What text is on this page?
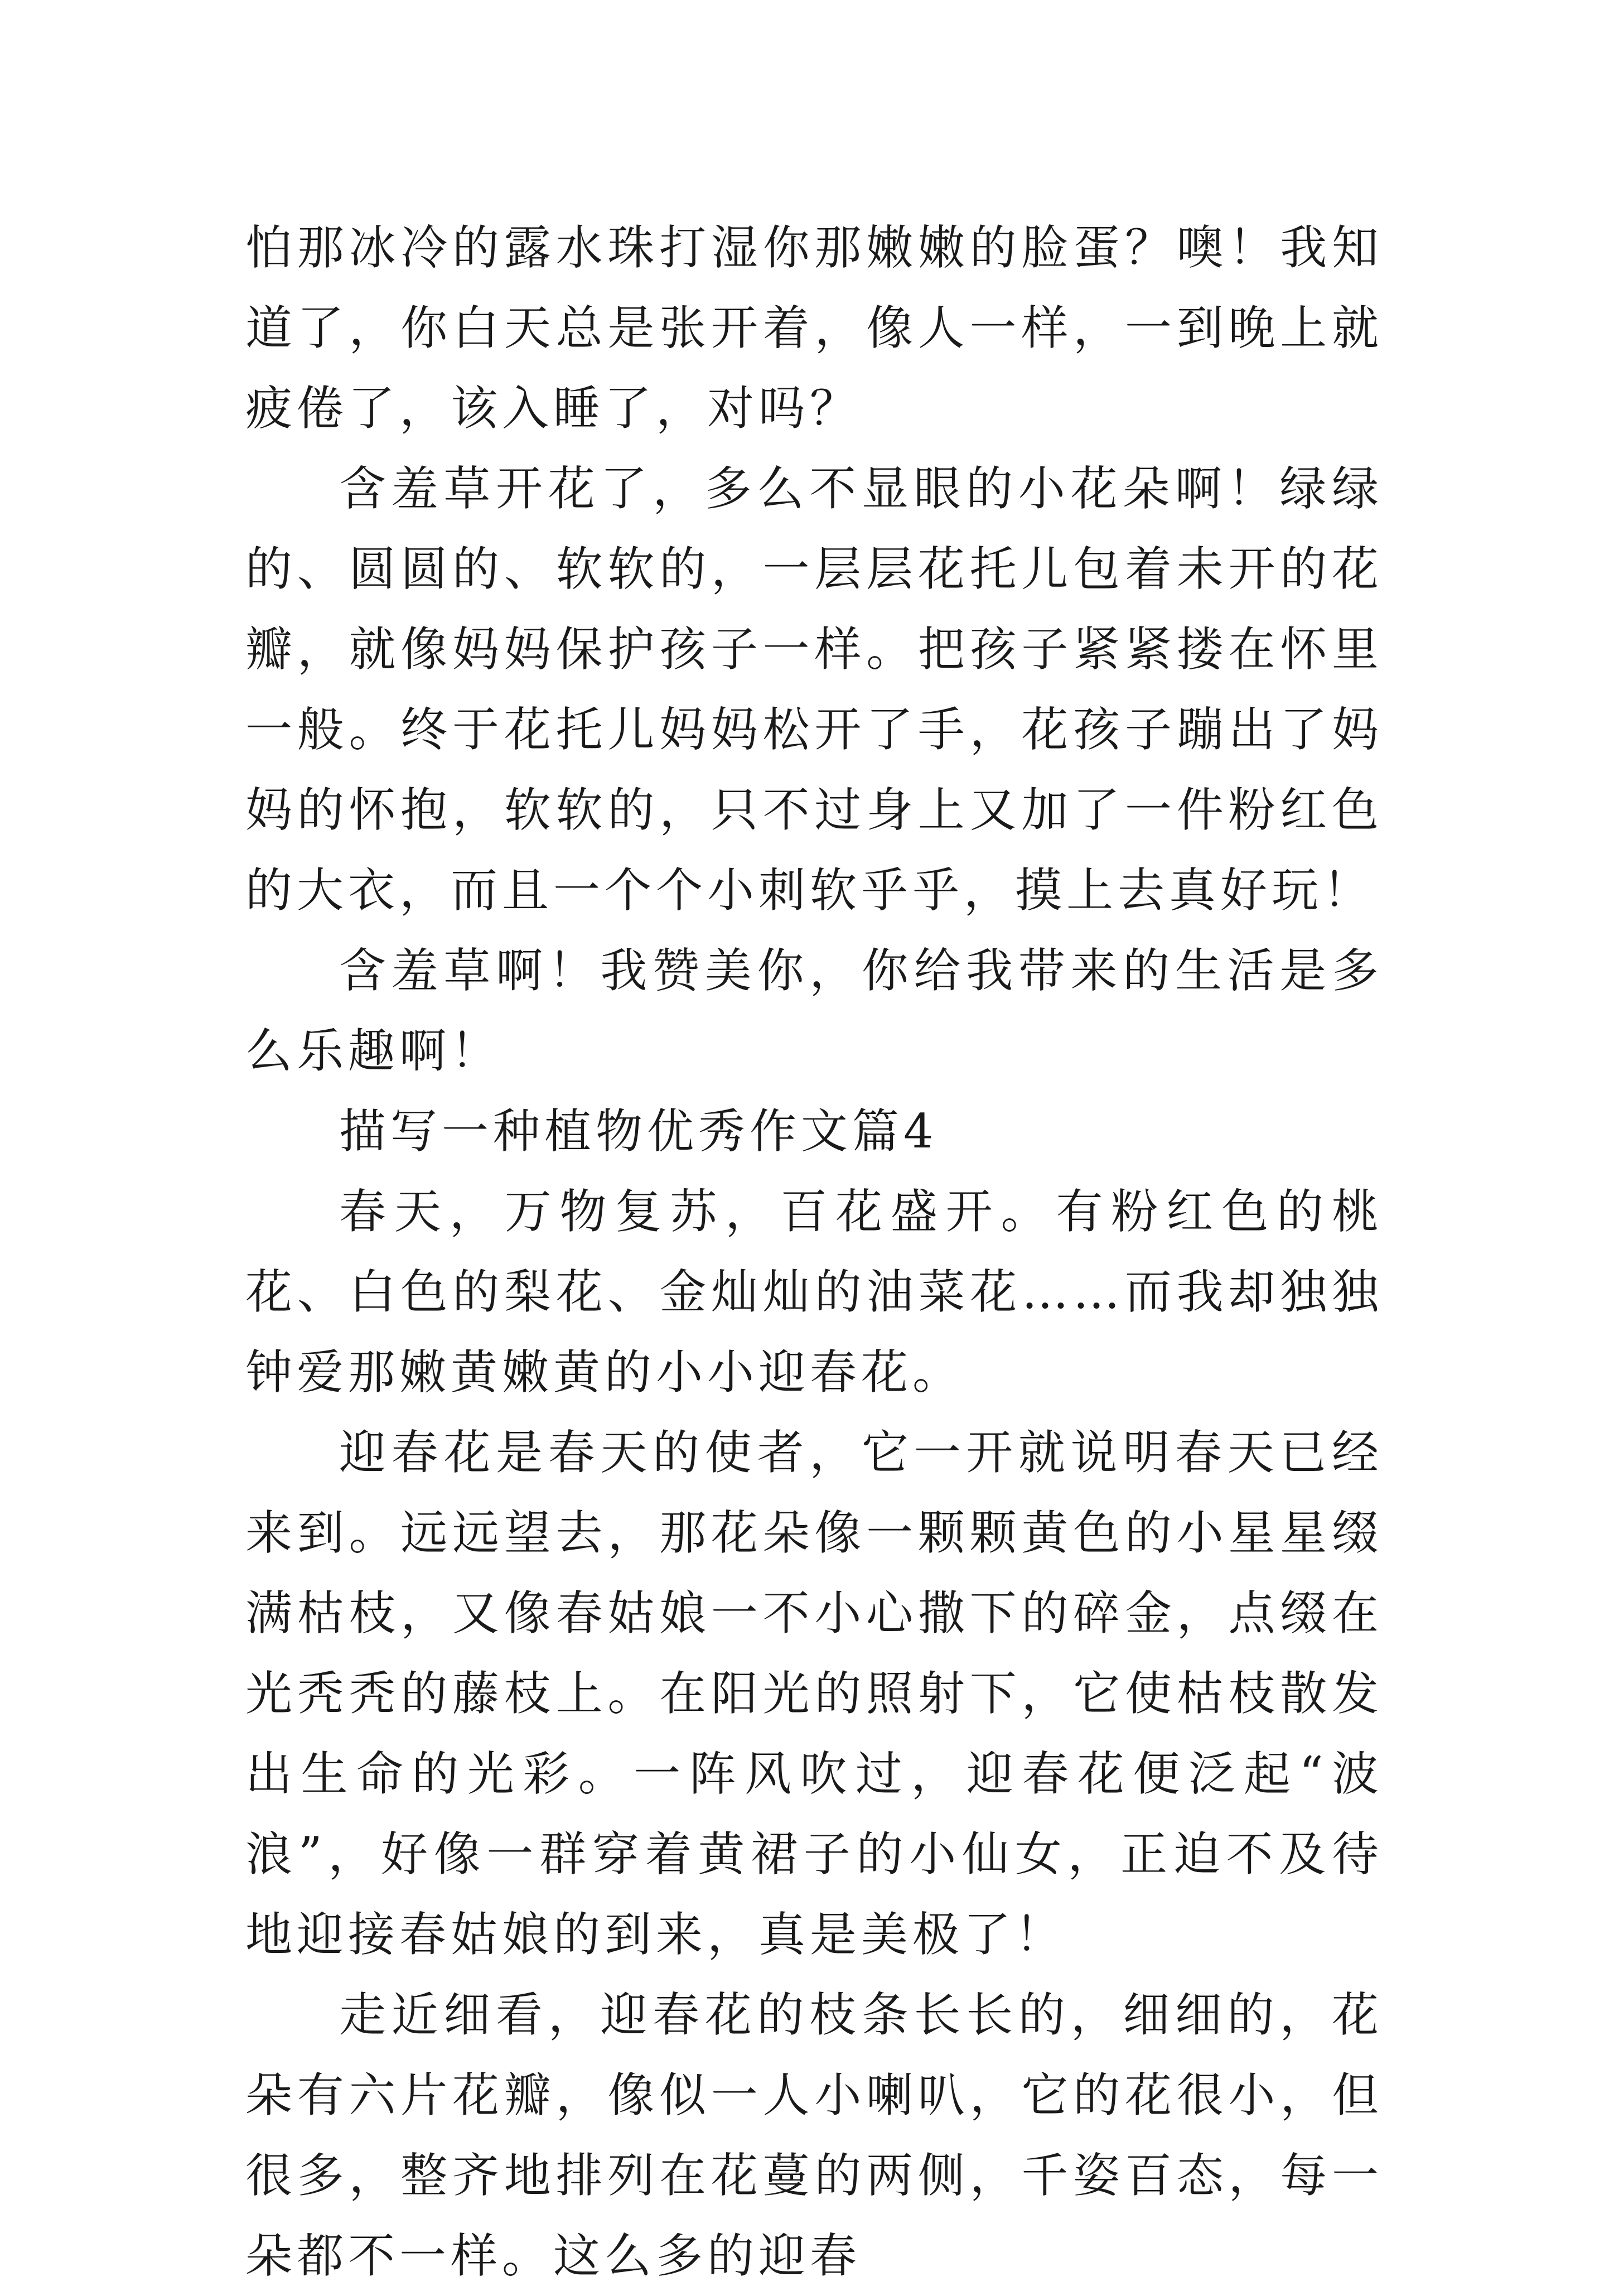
怕那冰冷的露水珠打湿你那嫩嫩的脸蛋？噢！我知道了，你白天总是张开着，像人一样，一到晚上就疲倦了，该入睡了，对吗？

含羞草开花了，多么不显眼的小花朵啊！绿绿的、圆圆的、软软的，一层层花托儿包着未开的花瓣，就像妈妈保护孩子一样。把孩子紧紧搂在怀里一般。终于花托儿妈妈松开了手，花孩子蹦出了妈妈的怀抱，软软的，只不过身上又加了一件粉红色的大衣，而且一个个小刺软乎乎，摸上去真好玩！

含羞草啊！我赞美你，你给我带来的生活是多么乐趣啊！

描写一种植物优秀作文篇4

春天，万物复苏，百花盛开。有粉红色的桃花、白色的梨花、金灿灿的油菜花……而我却独独钟爱那嫩黄嫩黄的小小迎春花。

迎春花是春天的使者，它一开就说明春天已经来到。远远望去，那花朵像一颗颗黄色的小星星缀满枯枝，又像春姑娘一不小心撒下的碎金，点缀在光秃秃的藤枝上。在阳光的照射下，它使枯枝散发出生命的光彩。一阵风吹过，迎春花便泛起“波浪”，好像一群穿着黄裙子的小仙女，正迫不及待地迎接春姑娘的到来，真是美极了！

走近细看，迎春花的枝条长长的，细细的，花朵有六片花瓣，像似一人小喇叭，它的花很小，但很多，整齐地排列在花蔓的两侧，千姿百态，每一朵都不一样。这么多的迎春
